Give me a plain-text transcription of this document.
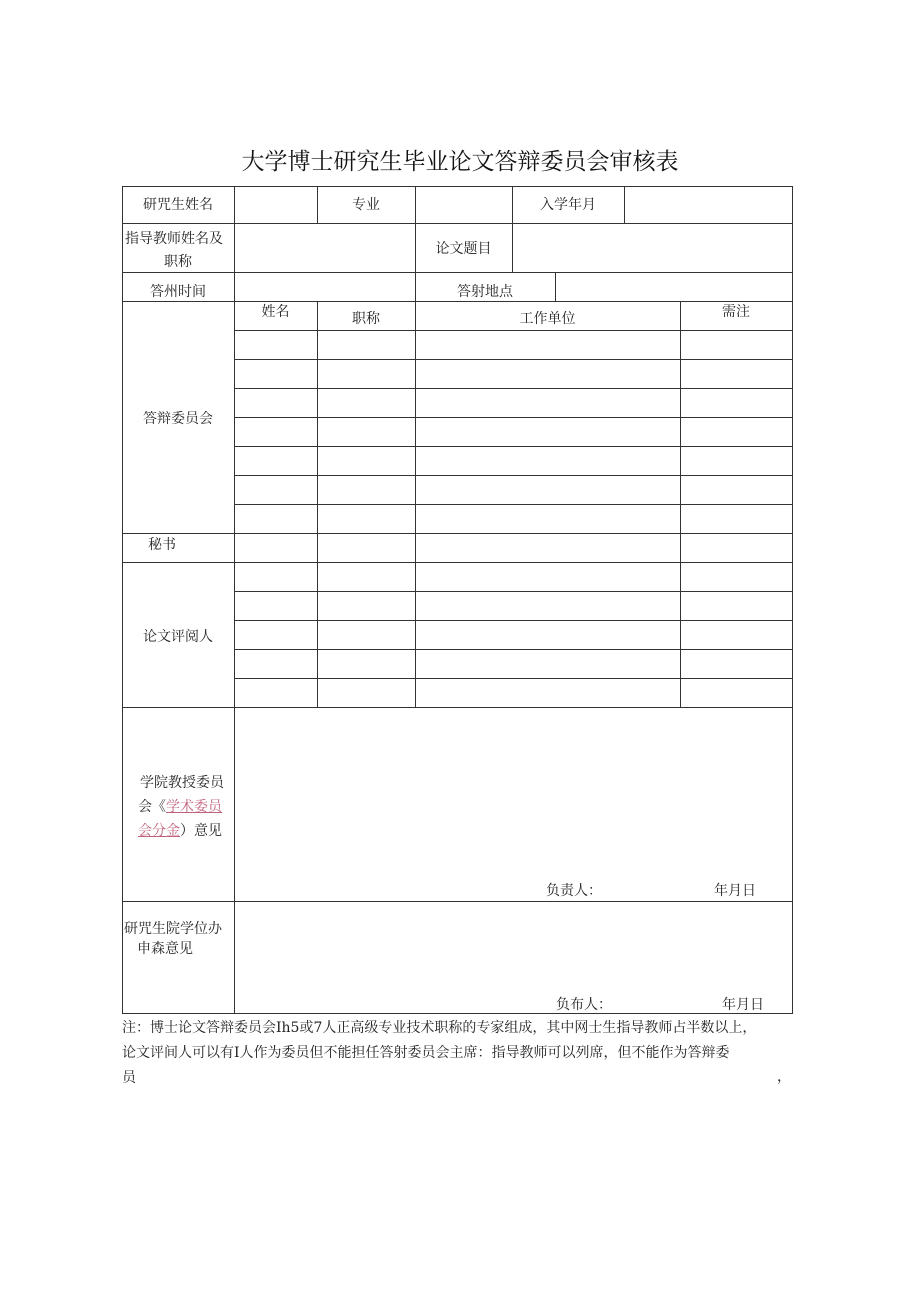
大学博士研究生毕业论文答辩委员会审核表
研咒生姓名	专业	入学年月
指导教师姓名及
职称
论文题目
答州时间	答射地点
姓名	职称	工作单位	需注
答辩委员会
秘书
论文评阅人
学院教授委员
会《学术委员
会分金）意见
负责人：	年月日
研咒生院学位办
申森意见
负布人：	年月日
注：博士论文答辩委员会Ih5或7人正高级专业技术职称的专家组成，其中网士生指导教师占半数以上，
论文评间人可以有I人作为委员但不能担任答射委员会主席：指导教师可以列席，但不能作为答辩委
员	，
